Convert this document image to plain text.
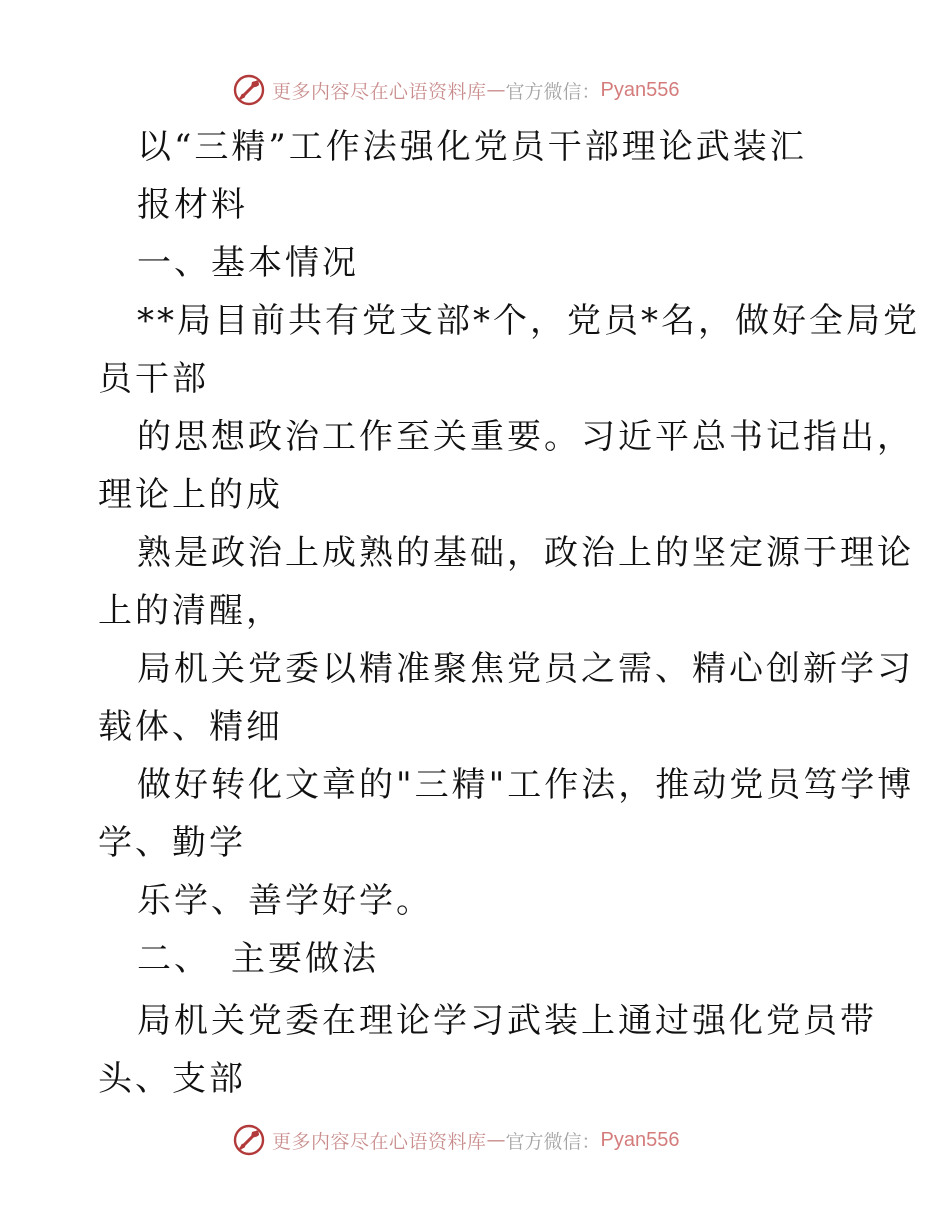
更多内容尽在心语资料库 — 官方微信： Pyan556
以“三精”工作法强化党员干部理论武装汇
报材料
一、基本情况
**局目前共有党支部*个，党员*名，做好全局党
员干部
的思想政治工作至关重要。习近平总书记指出，
理论上的成
熟是政治上成熟的基础，政治上的坚定源于理论
上的清醒，
局机关党委以精准聚焦党员之需、精心创新学习
载体、精细
做好转化文章的"三精"工作法，推动党员笃学博
学、勤学
乐学、善学好学。
二、　主要做法
局机关党委在理论学习武装上通过强化党员带
头、支部
更多内容尽在心语资料库 — 官方微信： Pyan556
